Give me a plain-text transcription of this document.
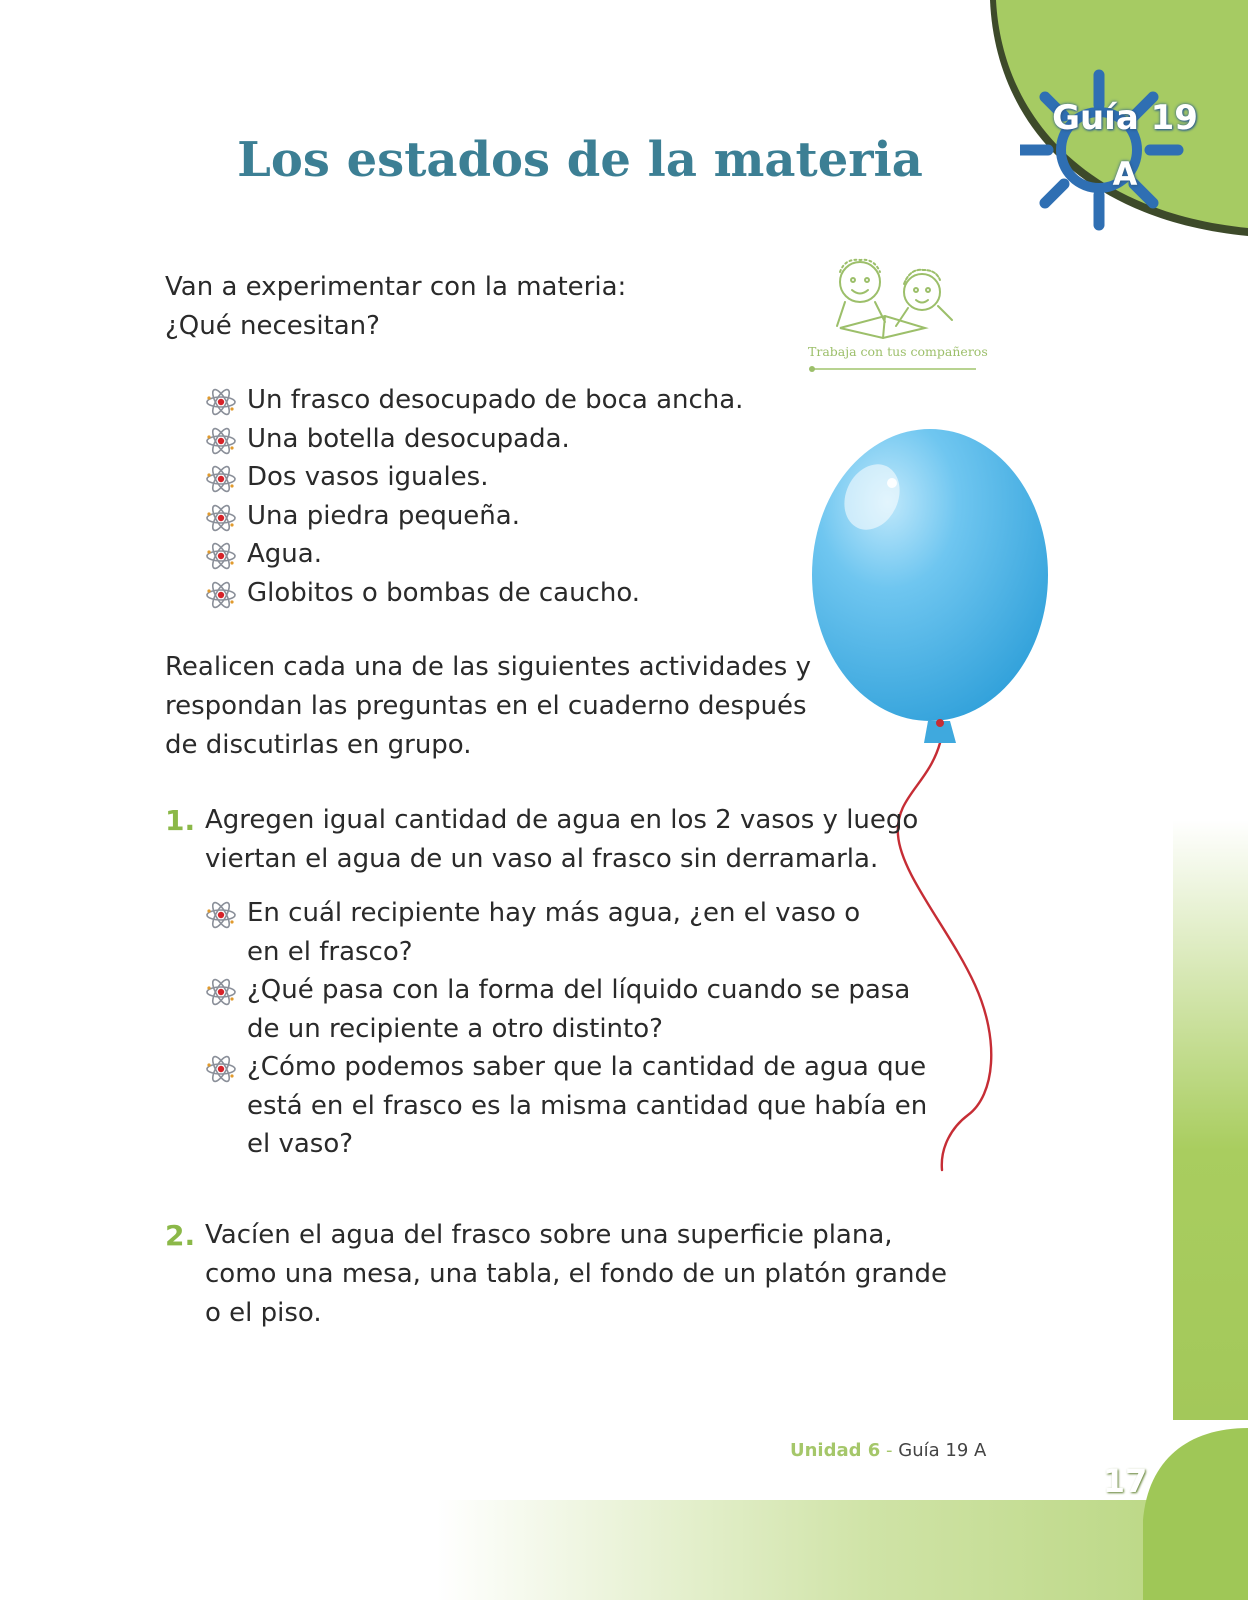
Guía 19
A
Los estados de la materia
Van a experimentar con la materia:
¿Qué necesitan?
Trabaja con tus compañeros
Un frasco desocupado de boca ancha.
Una botella desocupada.
Dos vasos iguales.
Una piedra pequeña.
Agua.
Globitos o bombas de caucho.

Realicen cada una de las siguientes actividades y respondan las preguntas en el cuaderno después de discutirlas en grupo.

1. Agregen igual cantidad de agua en los 2 vasos y luego viertan el agua de un vaso al frasco sin derramarla.
En cuál recipiente hay más agua, ¿en el vaso o en el frasco?
¿Qué pasa con la forma del líquido cuando se pasa de un recipiente a otro distinto?
¿Cómo podemos saber que la cantidad de agua que está en el frasco es la misma cantidad que había en el vaso?
2. Vacíen el agua del frasco sobre una superficie plana, como una mesa, una tabla, el fondo de un platón grande o el piso.
Unidad 6 - Guía 19 A
17
